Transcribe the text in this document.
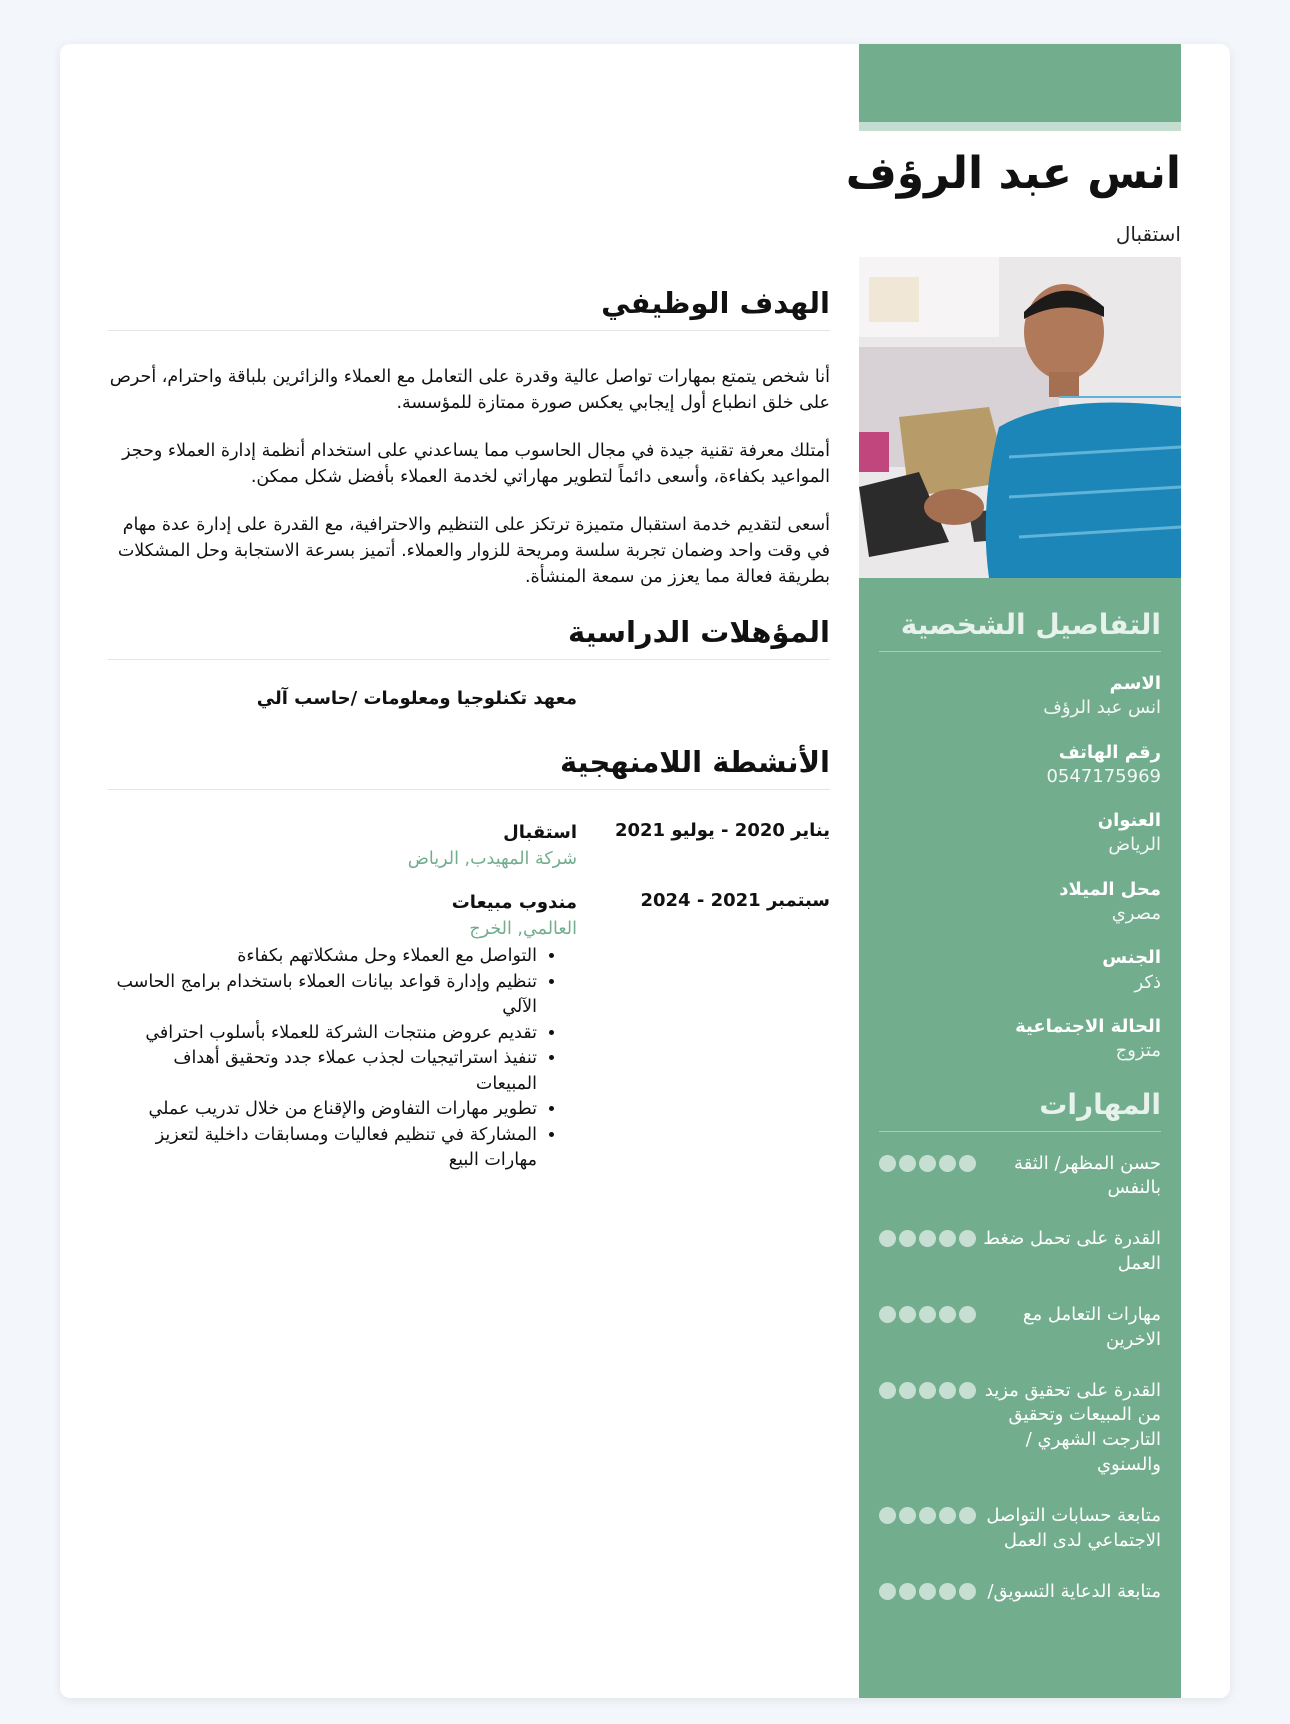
الهدف الوظيفي

أنا شخص يتمتع بمهارات تواصل عالية وقدرة على التعامل مع العملاء والزائرين بلباقة واحترام، أحرص على خلق انطباع أول إيجابي يعكس صورة ممتازة للمؤسسة.

أمتلك معرفة تقنية جيدة في مجال الحاسوب مما يساعدني على استخدام أنظمة إدارة العملاء وحجز المواعيد بكفاءة، وأسعى دائماً لتطوير مهاراتي لخدمة العملاء بأفضل شكل ممكن.

أسعى لتقديم خدمة استقبال متميزة ترتكز على التنظيم والاحترافية، مع القدرة على إدارة عدة مهام في وقت واحد وضمان تجربة سلسة ومريحة للزوار والعملاء. أتميز بسرعة الاستجابة وحل المشكلات بطريقة فعالة مما يعزز من سمعة المنشأة.

المؤهلات الدراسية
معهد تكنلوجيا ومعلومات /حاسب آلي
الأنشطة اللامنهجية
يناير 2020 - يوليو 2021
استقبال
شركة المهيدب, الرياض
سبتمبر 2021 - 2024
مندوب مبيعات
العالمي, الخرج
• التواصل مع العملاء وحل مشكلاتهم بكفاءة
• تنظيم وإدارة قواعد بيانات العملاء باستخدام برامج الحاسب الآلي
• تقديم عروض منتجات الشركة للعملاء بأسلوب احترافي
• تنفيذ استراتيجيات لجذب عملاء جدد وتحقيق أهداف المبيعات
• تطوير مهارات التفاوض والإقناع من خلال تدريب عملي
• المشاركة في تنظيم فعاليات ومسابقات داخلية لتعزيز مهارات البيع
انس عبد الرؤف
استقبال
التفاصيل الشخصية
الاسم
انس عبد الرؤف
رقم الهاتف
0547175969
العنوان
الرياض
محل الميلاد
مصري
الجنس
ذكر
الحالة الاجتماعية
متزوج
المهارات
حسن المظهر/ الثقة بالنفس
القدرة على تحمل ضغط العمل
مهارات التعامل مع الاخرين
القدرة على تحقيق مزيد من المبيعات وتحقيق التارجت الشهري /والسنوي
متابعة حسابات التواصل الاجتماعي لدى العمل
متابعة الدعاية التسويق/
